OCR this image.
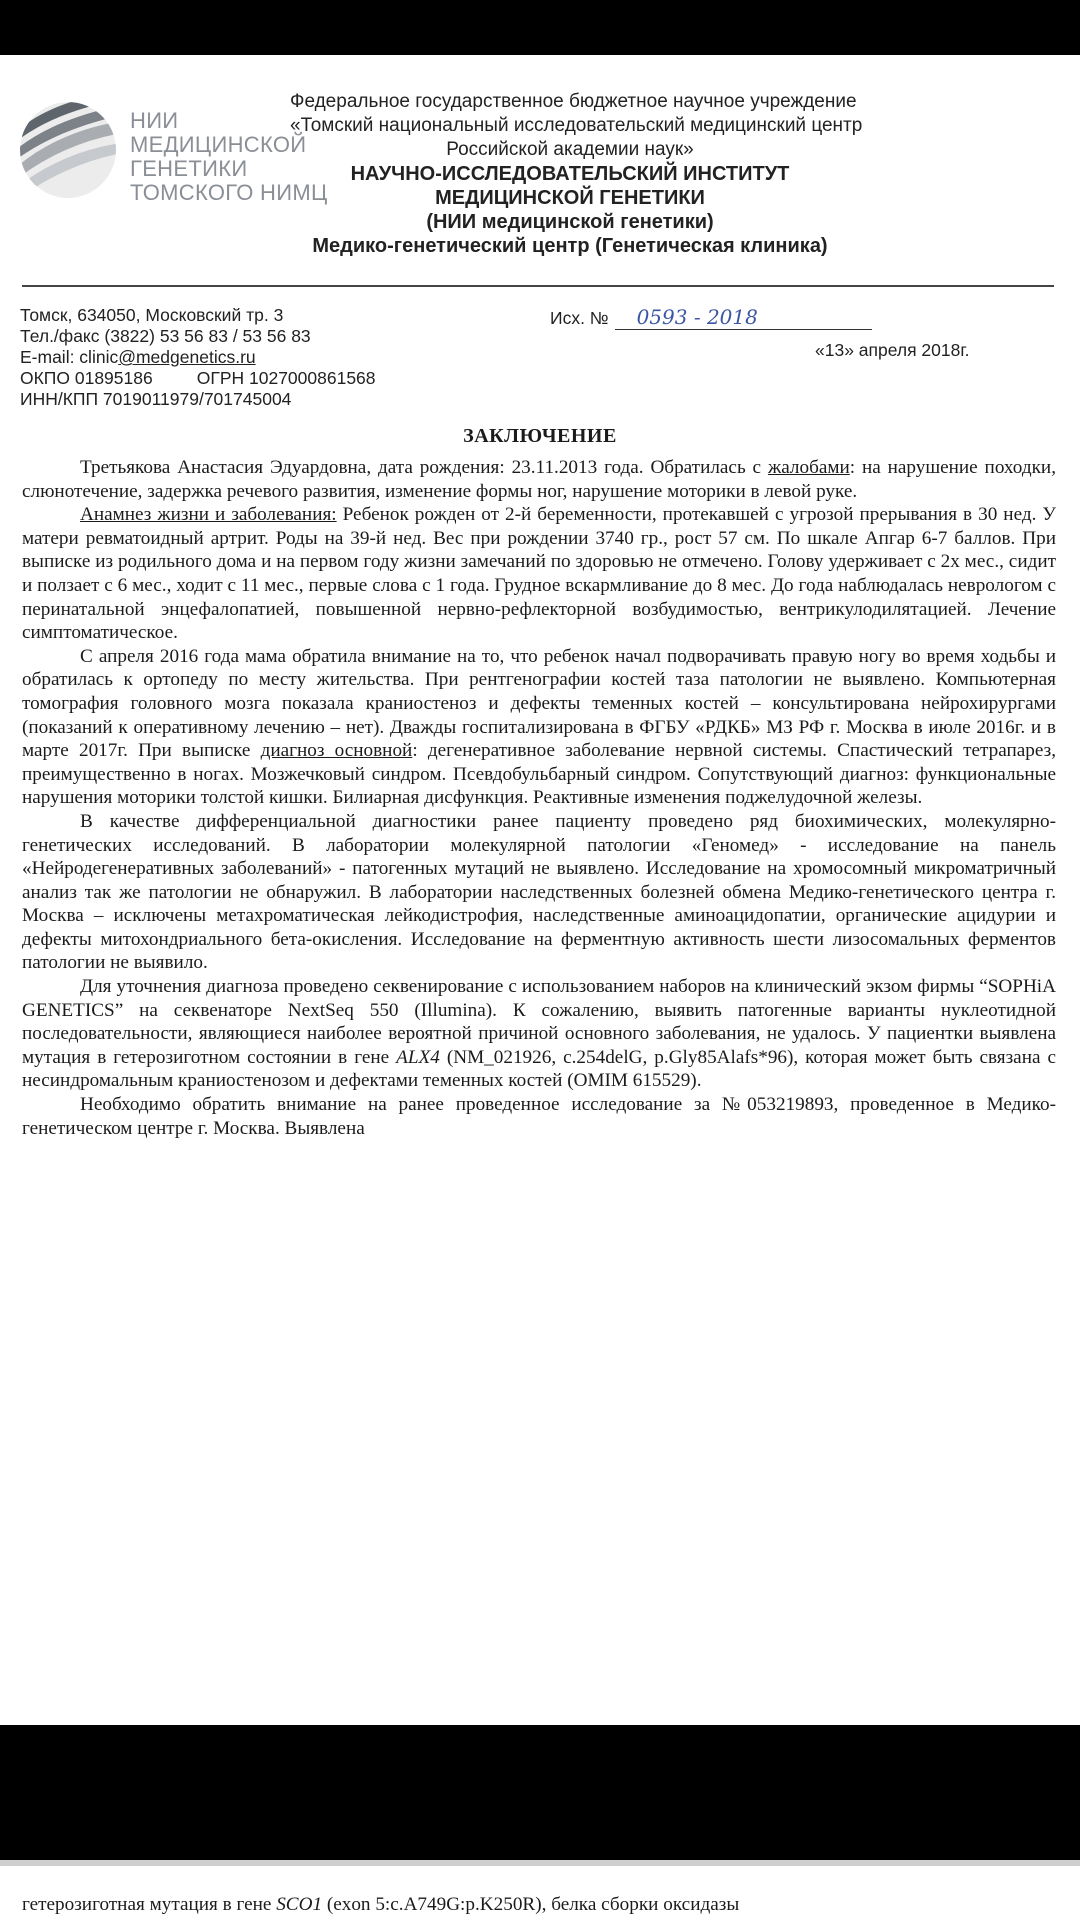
НИИ
МЕДИЦИНСКОЙ
ГЕНЕТИКИ
ТОМСКОГО НИМЦ
Федеральное государственное бюджетное научное учреждение
«Томский национальный исследовательский медицинский центр
Российской академии наук»
НАУЧНО-ИССЛЕДОВАТЕЛЬСКИЙ ИНСТИТУТ
МЕДИЦИНСКОЙ ГЕНЕТИКИ
(НИИ медицинской генетики)
Медико-генетический центр (Генетическая клиника)
Томск, 634050, Московский тр. 3
Тел./факс (3822) 53 56 83 / 53 56 83
E-mail: clinic@medgenetics.ru
ОКПО 01895186	ОГРН 1027000861568
ИНН/КПП 7019011979/701745004
Исх. № 0593 - 2018
«13» апреля 2018г.
ЗАКЛЮЧЕНИЕ

Третьякова Анастасия Эдуардовна, дата рождения: 23.11.2013 года. Обратилась с жалобами: на нарушение походки, слюнотечение, задержка речевого развития, изменение формы ног, нарушение моторики в левой руке.

Анамнез жизни и заболевания: Ребенок рожден от 2-й беременности, протекавшей с угрозой прерывания в 30 нед. У матери ревматоидный артрит. Роды на 39-й нед. Вес при рождении 3740 гр., рост 57 см. По шкале Апгар 6-7 баллов. При выписке из родильного дома и на первом году жизни замечаний по здоровью не отмечено. Голову удерживает с 2х мес., сидит и ползает с 6 мес., ходит с 11 мес., первые слова с 1 года. Грудное вскармливание до 8 мес. До года наблюдалась неврологом с перинатальной энцефалопатией, повышенной нервно-рефлекторной возбудимостью, вентрикулодилятацией. Лечение симптоматическое.

С апреля 2016 года мама обратила внимание на то, что ребенок начал подворачивать правую ногу во время ходьбы и обратилась к ортопеду по месту жительства. При рентгенографии костей таза патологии не выявлено. Компьютерная томография головного мозга показала краниостеноз и дефекты теменных костей – консультирована нейрохирургами (показаний к оперативному лечению – нет). Дважды госпитализирована в ФГБУ «РДКБ» МЗ РФ г. Москва в июле 2016г. и в марте 2017г. При выписке диагноз основной: дегенеративное заболевание нервной системы. Спастический тетрапарез, преимущественно в ногах. Мозжечковый синдром. Псевдобульбарный синдром. Сопутствующий диагноз: функциональные нарушения моторики толстой кишки. Билиарная дисфункция. Реактивные изменения поджелудочной железы.

В качестве дифференциальной диагностики ранее пациенту проведено ряд биохимических, молекулярно-генетических исследований. В лаборатории молекулярной патологии «Геномед» - исследование на панель «Нейродегенеративных заболеваний» - патогенных мутаций не выявлено. Исследование на хромосомный микроматричный анализ так же патологии не обнаружил. В лаборатории наследственных болезней обмена Медико-генетического центра г. Москва – исключены метахроматическая лейкодистрофия, наследственные аминоацидопатии, органические ацидурии и дефекты митохондриального бета-окисления. Исследование на ферментную активность шести лизосомальных ферментов патологии не выявило.

Для уточнения диагноза проведено секвенирование с использованием наборов на клинический экзом фирмы “SOPHiA GENETICS” на секвенаторе NextSeq 550 (Illumina). К сожалению, выявить патогенные варианты нуклеотидной последовательности, являющиеся наиболее вероятной причиной основного заболевания, не удалось. У пациентки выявлена мутация в гетерозиготном состоянии в гене ALX4 (NM_021926, c.254delG, p.Gly85Alafs*96), которая может быть связана с несиндромальным краниостенозом и дефектами теменных костей (OMIM 615529).

Необходимо обратить внимание на ранее проведенное исследование за №053219893, проведенное в Медико-генетическом центре г. Москва. Выявлена

гетерозиготная мутация в гене SCO1 (exon 5:c.A749G:p.K250R), белка сборки оксидазы
